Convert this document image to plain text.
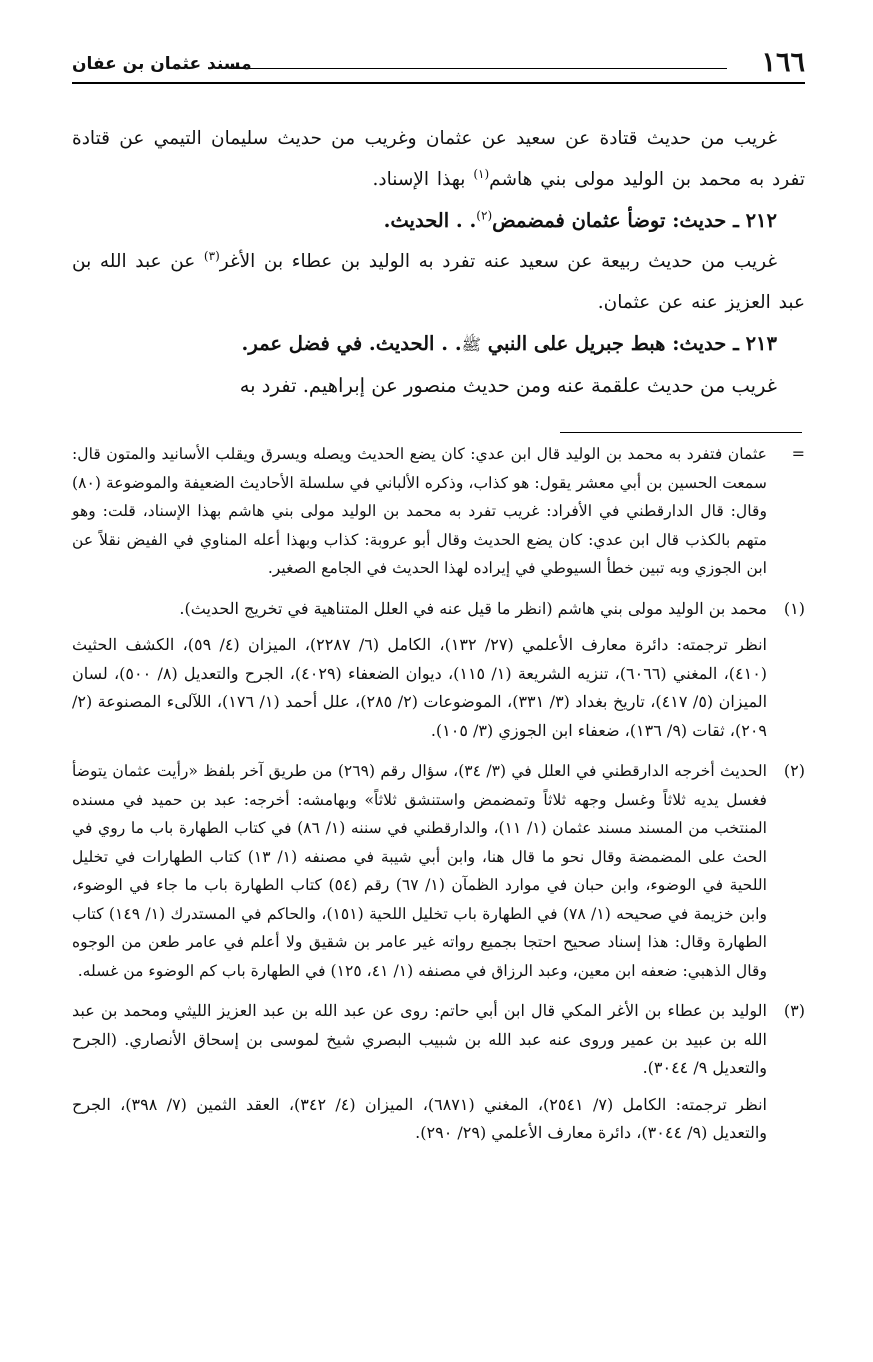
١٦٦
مسند عثمان بن عفان

غريب من حديث قتادة عن سعيد عن عثمان وغريب من حديث سليمان التيمي عن قتادة تفرد به محمد بن الوليد مولى بني هاشم$^{(١)}$ بهذا الإسناد.

٢١٢ ـ حديث: توضأ عثمان فمضمض$^{(٢)}$. . الحديث.

غريب من حديث ربيعة عن سعيد عنه تفرد به الوليد بن عطاء بن الأغر$^{(٣)}$ عن عبد الله بن عبد العزيز عنه عن عثمان.

٢١٣ ـ حديث: هبط جبريل على النبي ﷺ. . الحديث. في فضل عمر.

غريب من حديث علقمة عنه ومن حديث منصور عن إبراهيم. تفرد به

=

عثمان فتفرد به محمد بن الوليد قال ابن عدي: كان يضع الحديث ويصله ويسرق ويقلب الأسانيد والمتون قال: سمعت الحسين بن أبي معشر يقول: هو كذاب، وذكره الألباني في سلسلة الأحاديث الضعيفة والموضوعة (٨٠) وقال: قال الدارقطني في الأفراد: غريب تفرد به محمد بن الوليد مولى بني هاشم بهذا الإسناد، قلت: وهو متهم بالكذب قال ابن عدي: كان يضع الحديث وقال أبو عروبة: كذاب وبهذا أعله المناوي في الفيض نقلاً عن ابن الجوزي وبه تبين خطأ السيوطي في إيراده لهذا الحديث في الجامع الصغير.

(١)

محمد بن الوليد مولى بني هاشم (انظر ما قيل عنه في العلل المتناهية في تخريج الحديث).

انظر ترجمته: دائرة معارف الأعلمي (٢٧/ ١٣٢)، الكامل (٦/ ٢٢٨٧)، الميزان (٤/ ٥٩)، الكشف الحثيث (٤١٠)، المغني (٦٠٦٦)، تنزيه الشريعة (١/ ١١٥)، ديوان الضعفاء (٤٠٢٩)، الجرح والتعديل (٨/ ٥٠٠)، لسان الميزان (٥/ ٤١٧)، تاريخ بغداد (٣/ ٣٣١)، الموضوعات (٢/ ٢٨٥)، علل أحمد (١/ ١٧٦)، اللآلىء المصنوعة (٢/ ٢٠٩)، ثقات (٩/ ١٣٦)، ضعفاء ابن الجوزي (٣/ ١٠٥).

(٢)

الحديث أخرجه الدارقطني في العلل في (٣/ ٣٤)، سؤال رقم (٢٦٩) من طريق آخر بلفظ «رأيت عثمان يتوضأ فغسل يديه ثلاثاً وغسل وجهه ثلاثاً وتمضمض واستنشق ثلاثاً» وبهامشه: أخرجه: عبد بن حميد في مسنده المنتخب من المسند مسند عثمان (١/ ١١)، والدارقطني في سننه (١/ ٨٦) في كتاب الطهارة باب ما روي في الحث على المضمضة وقال نحو ما قال هنا، وابن أبي شيبة في مصنفه (١/ ١٣) كتاب الطهارات في تخليل اللحية في الوضوء، وابن حبان في موارد الظمآن (١/ ٦٧) رقم (٥٤) كتاب الطهارة باب ما جاء في الوضوء، وابن خزيمة في صحيحه (١/ ٧٨) في الطهارة باب تخليل اللحية (١٥١)، والحاكم في المستدرك (١/ ١٤٩) كتاب الطهارة وقال: هذا إسناد صحيح احتجا بجميع رواته غير عامر بن شقيق ولا أعلم في عامر طعن من الوجوه وقال الذهبي: ضعفه ابن معين، وعبد الرزاق في مصنفه (١/ ٤١، ١٢٥) في الطهارة باب كم الوضوء من غسله.

(٣)

الوليد بن عطاء بن الأغر المكي قال ابن أبي حاتم: روى عن عبد الله بن عبد العزيز الليثي ومحمد بن عبد الله بن عبيد بن عمير وروى عنه عبد الله بن شبيب البصري شيخ لموسى بن إسحاق الأنصاري. (الجرح والتعديل ٩/ ٣٠٤٤).

انظر ترجمته: الكامل (٧/ ٢٥٤١)، المغني (٦٨٧١)، الميزان (٤/ ٣٤٢)، العقد الثمين (٧/ ٣٩٨)، الجرح والتعديل (٩/ ٣٠٤٤)، دائرة معارف الأعلمي (٢٩/ ٢٩٠).
